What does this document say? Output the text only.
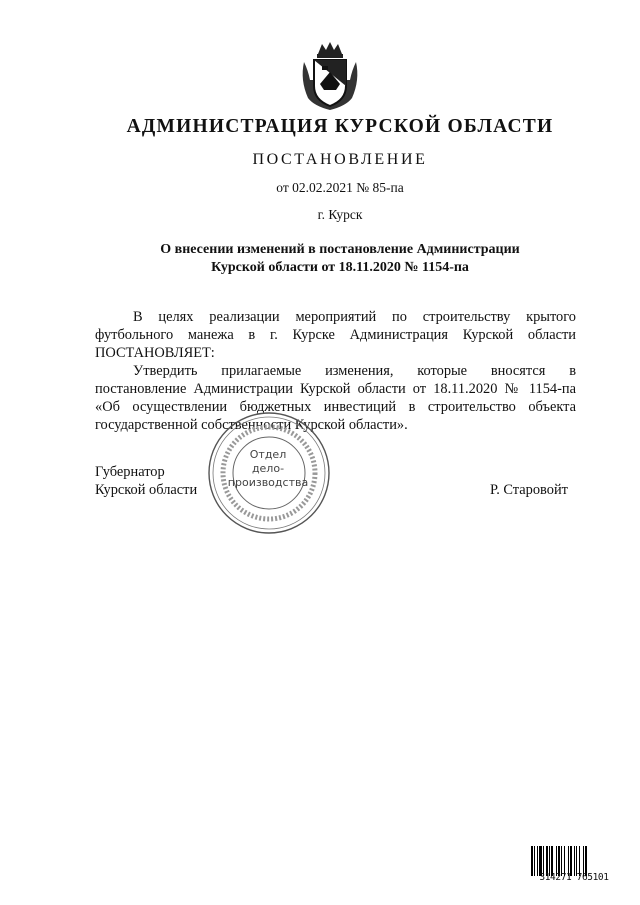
АДМИНИСТРАЦИЯ КУРСКОЙ ОБЛАСТИ
ПОСТАНОВЛЕНИЕ
от 02.02.2021 № 85-па
г. Курск
О внесении изменений в постановление Администрации
Курской области от 18.11.2020 № 1154-па
В целях реализации мероприятий по строительству крытого
футбольного манежа в г. Курске Администрация Курской области
ПОСТАНОВЛЯЕТ:
Утвердить прилагаемые изменения, которые вносятся в
постановление Администрации Курской области от 18.11.2020 № 1154-па
«Об осуществлении бюджетных инвестиций в строительство объекта
государственной собственности Курской области».
Отдел
дело-
производства
Губернатор
Курской области	Р. Старовойт
314271 765101
